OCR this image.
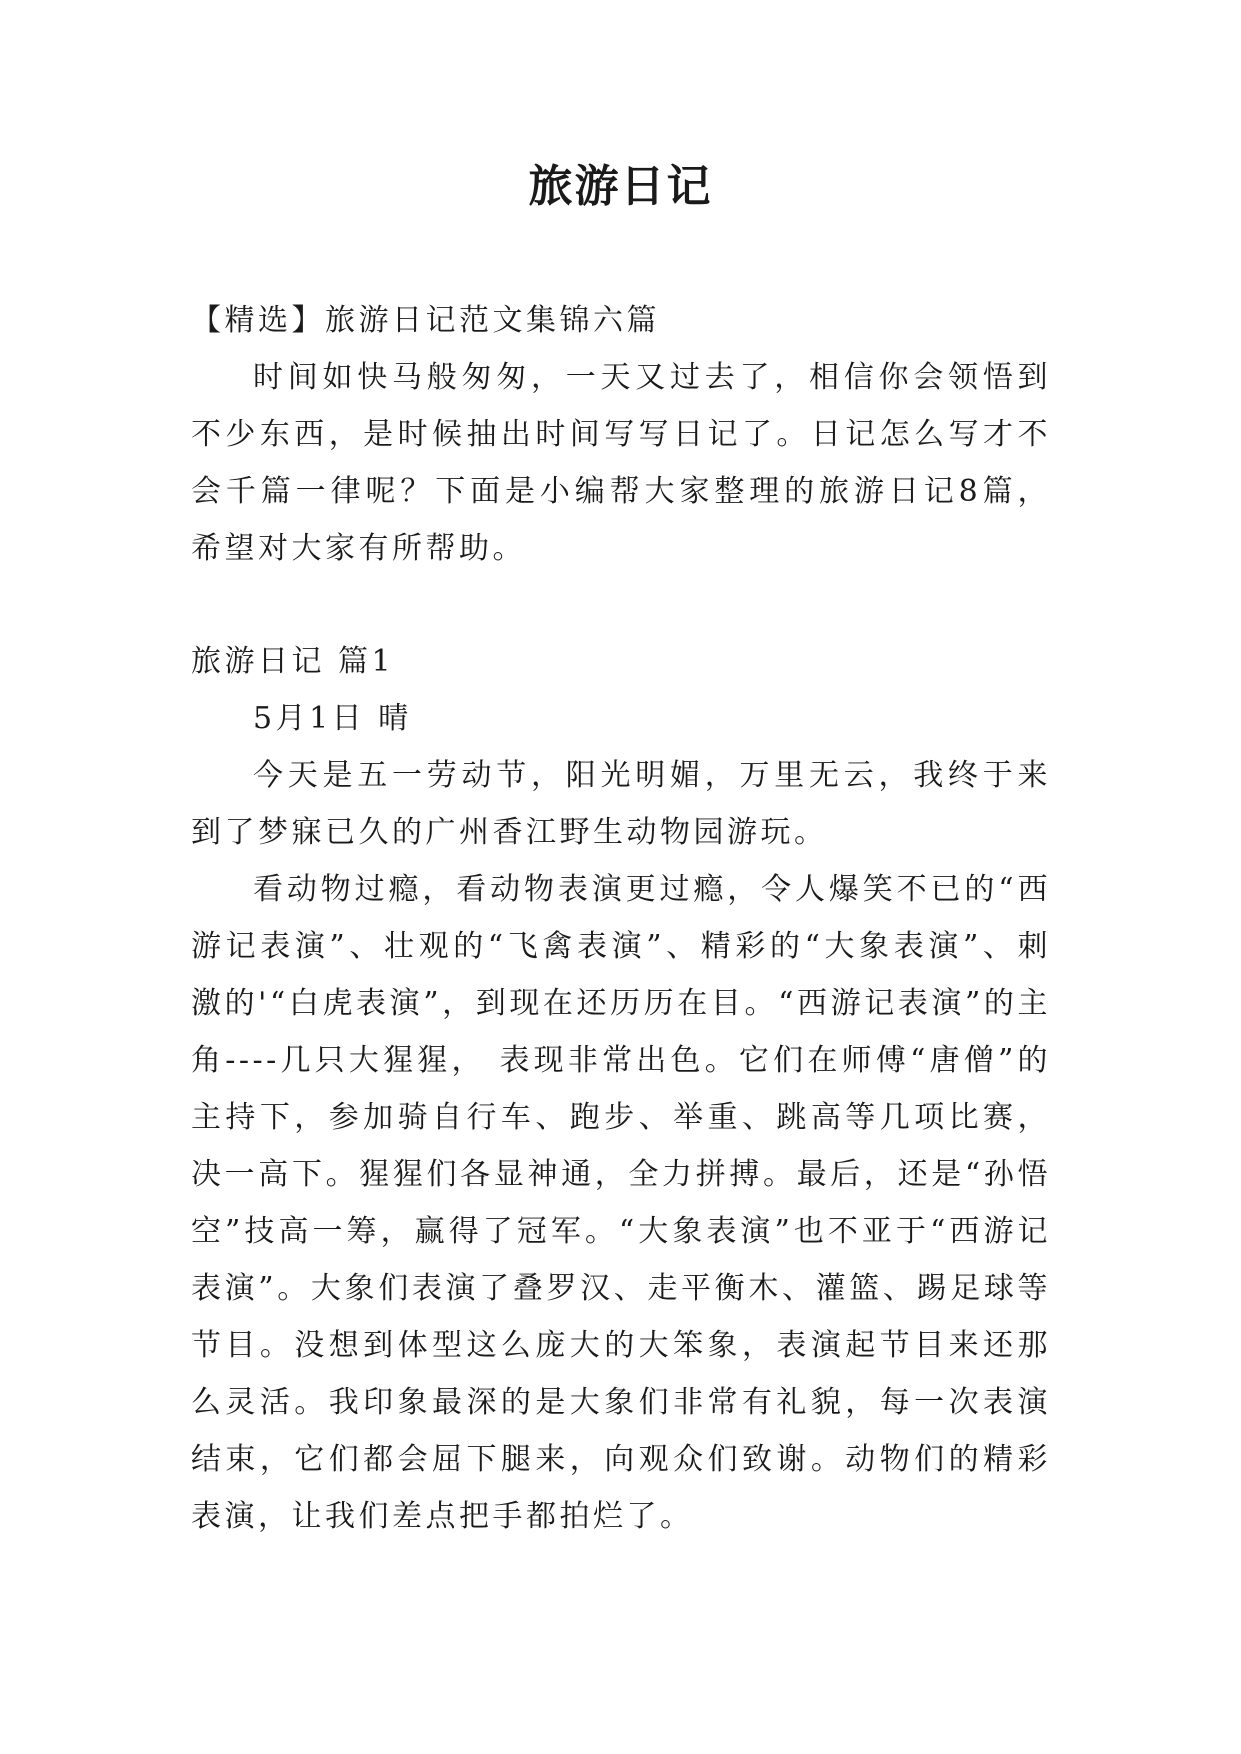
旅游日记

【精选】旅游日记范文集锦六篇

时间如快马般匆匆，一天又过去了，相信你会领悟到不少东西，是时候抽出时间写写日记了。日记怎么写才不会千篇一律呢？下面是小编帮大家整理的旅游日记8篇，希望对大家有所帮助。

旅游日记 篇1

5月1日 晴

今天是五一劳动节，阳光明媚，万里无云，我终于来到了梦寐已久的广州香江野生动物园游玩。

看动物过瘾，看动物表演更过瘾，令人爆笑不已的“西游记表演”、壮观的“飞禽表演”、精彩的“大象表演”、刺激的'“白虎表演”，到现在还历历在目。“西游记表演”的主角----几只大猩猩， 表现非常出色。它们在师傅“唐僧”的主持下，参加骑自行车、跑步、举重、跳高等几项比赛，决一高下。猩猩们各显神通，全力拼搏。最后，还是“孙悟空”技高一筹，赢得了冠军。“大象表演”也不亚于“西游记表演”。大象们表演了叠罗汉、走平衡木、灌篮、踢足球等节目。没想到体型这么庞大的大笨象，表演起节目来还那么灵活。我印象最深的是大象们非常有礼貌，每一次表演结束，它们都会屈下腿来，向观众们致谢。动物们的精彩表演，让我们差点把手都拍烂了。
